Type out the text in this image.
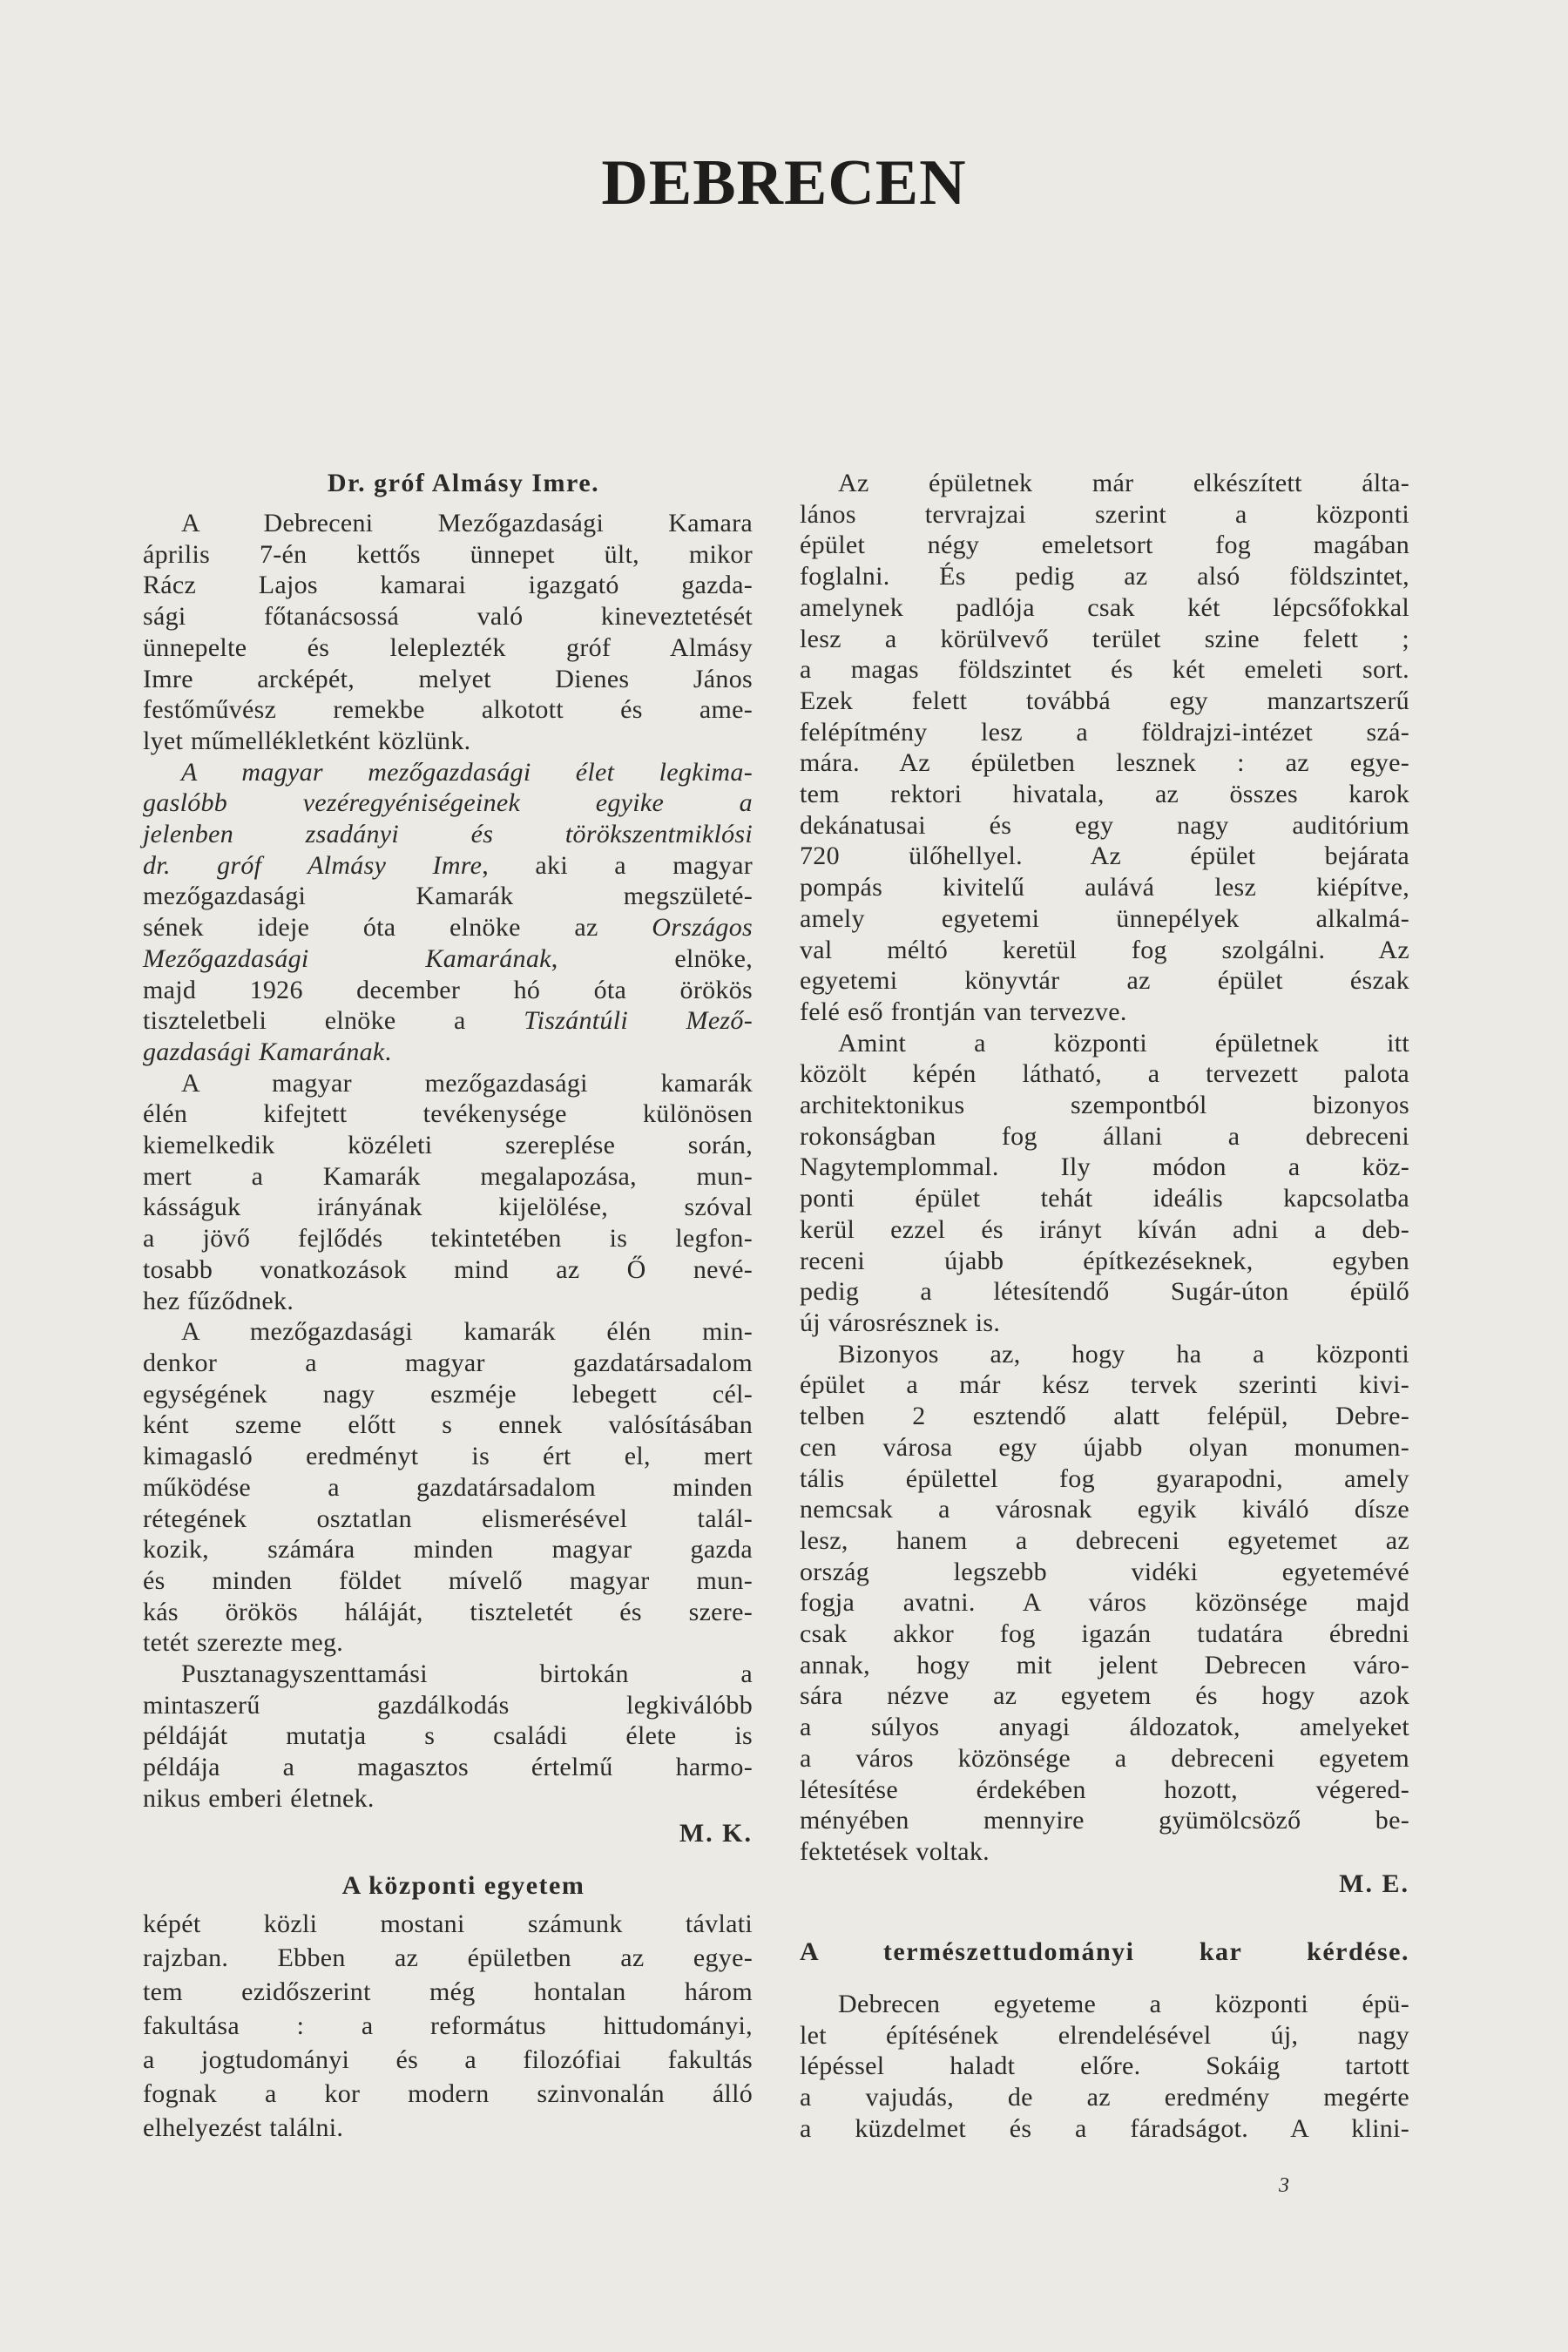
DEBRECEN
Dr. gróf Almásy Imre.
A Debreceni Mezőgazdasági Kamara
április 7-én kettős ünnepet ült, mikor
Rácz Lajos kamarai igazgató gazda-
sági főtanácsossá való kineveztetését
ünnepelte és leleplezték gróf Almásy
Imre arcképét, melyet Dienes János
festőművész remekbe alkotott és ame-
lyet műmellékletként közlünk.
A magyar mezőgazdasági élet legkima-
gaslóbb vezéregyéniségeinek egyike a
jelenben zsadányi és törökszentmiklósi
dr. gróf Almásy Imre, aki a magyar
mezőgazdasági Kamarák megszületé-
sének ideje óta elnöke az Országos
Mezőgazdasági Kamarának, elnöke,
majd 1926 december hó óta örökös
tiszteletbeli elnöke a Tiszántúli Mező-
gazdasági Kamarának.
A magyar mezőgazdasági kamarák
élén kifejtett tevékenysége különösen
kiemelkedik közéleti szereplése során,
mert a Kamarák megalapozása, mun-
kásságuk irányának kijelölése, szóval
a jövő fejlődés tekintetében is legfon-
tosabb vonatkozások mind az Ő nevé-
hez fűződnek.
A mezőgazdasági kamarák élén min-
denkor a magyar gazdatársadalom
egységének nagy eszméje lebegett cél-
ként szeme előtt s ennek valósításában
kimagasló eredményt is ért el, mert
működése a gazdatársadalom minden
rétegének osztatlan elismerésével talál-
kozik, számára minden magyar gazda
és minden földet mívelő magyar mun-
kás örökös háláját, tiszteletét és szere-
tetét szerezte meg.
Pusztanagyszenttamási birtokán a
mintaszerű gazdálkodás legkiválóbb
példáját mutatja s családi élete is
példája a magasztos értelmű harmo-
nikus emberi életnek.
M. K.
A központi egyetem
képét közli mostani számunk távlati
rajzban. Ebben az épületben az egye-
tem ezidőszerint még hontalan három
fakultása : a református hittudományi,
a jogtudományi és a filozófiai fakultás
fognak a kor modern szinvonalán álló
elhelyezést találni.
Az épületnek már elkészített álta-
lános tervrajzai szerint a központi
épület négy emeletsort fog magában
foglalni. És pedig az alsó földszintet,
amelynek padlója csak két lépcsőfokkal
lesz a körülvevő terület szine felett ;
a magas földszintet és két emeleti sort.
Ezek felett továbbá egy manzartszerű
felépítmény lesz a földrajzi-intézet szá-
mára. Az épületben lesznek : az egye-
tem rektori hivatala, az összes karok
dekánatusai és egy nagy auditórium
720 ülőhellyel. Az épület bejárata
pompás kivitelű aulává lesz kiépítve,
amely egyetemi ünnepélyek alkalmá-
val méltó keretül fog szolgálni. Az
egyetemi könyvtár az épület észak
felé eső frontján van tervezve.
Amint a központi épületnek itt
közölt képén látható, a tervezett palota
architektonikus szempontból bizonyos
rokonságban fog állani a debreceni
Nagytemplommal. Ily módon a köz-
ponti épület tehát ideális kapcsolatba
kerül ezzel és irányt kíván adni a deb-
receni újabb építkezéseknek, egyben
pedig a létesítendő Sugár-úton épülő
új városrésznek is.
Bizonyos az, hogy ha a központi
épület a már kész tervek szerinti kivi-
telben 2 esztendő alatt felépül, Debre-
cen városa egy újabb olyan monumen-
tális épülettel fog gyarapodni, amely
nemcsak a városnak egyik kiváló dísze
lesz, hanem a debreceni egyetemet az
ország legszebb vidéki egyetemévé
fogja avatni. A város közönsége majd
csak akkor fog igazán tudatára ébredni
annak, hogy mit jelent Debrecen váro-
sára nézve az egyetem és hogy azok
a súlyos anyagi áldozatok, amelyeket
a város közönsége a debreceni egyetem
létesítése érdekében hozott, végered-
ményében mennyire gyümölcsöző be-
fektetések voltak.
M. E.
A természettudományi kar kérdése.
Debrecen egyeteme a központi épü-
let építésének elrendelésével új, nagy
lépéssel haladt előre. Sokáig tartott
a vajudás, de az eredmény megérte
a küzdelmet és a fáradságot. A klini-
3
